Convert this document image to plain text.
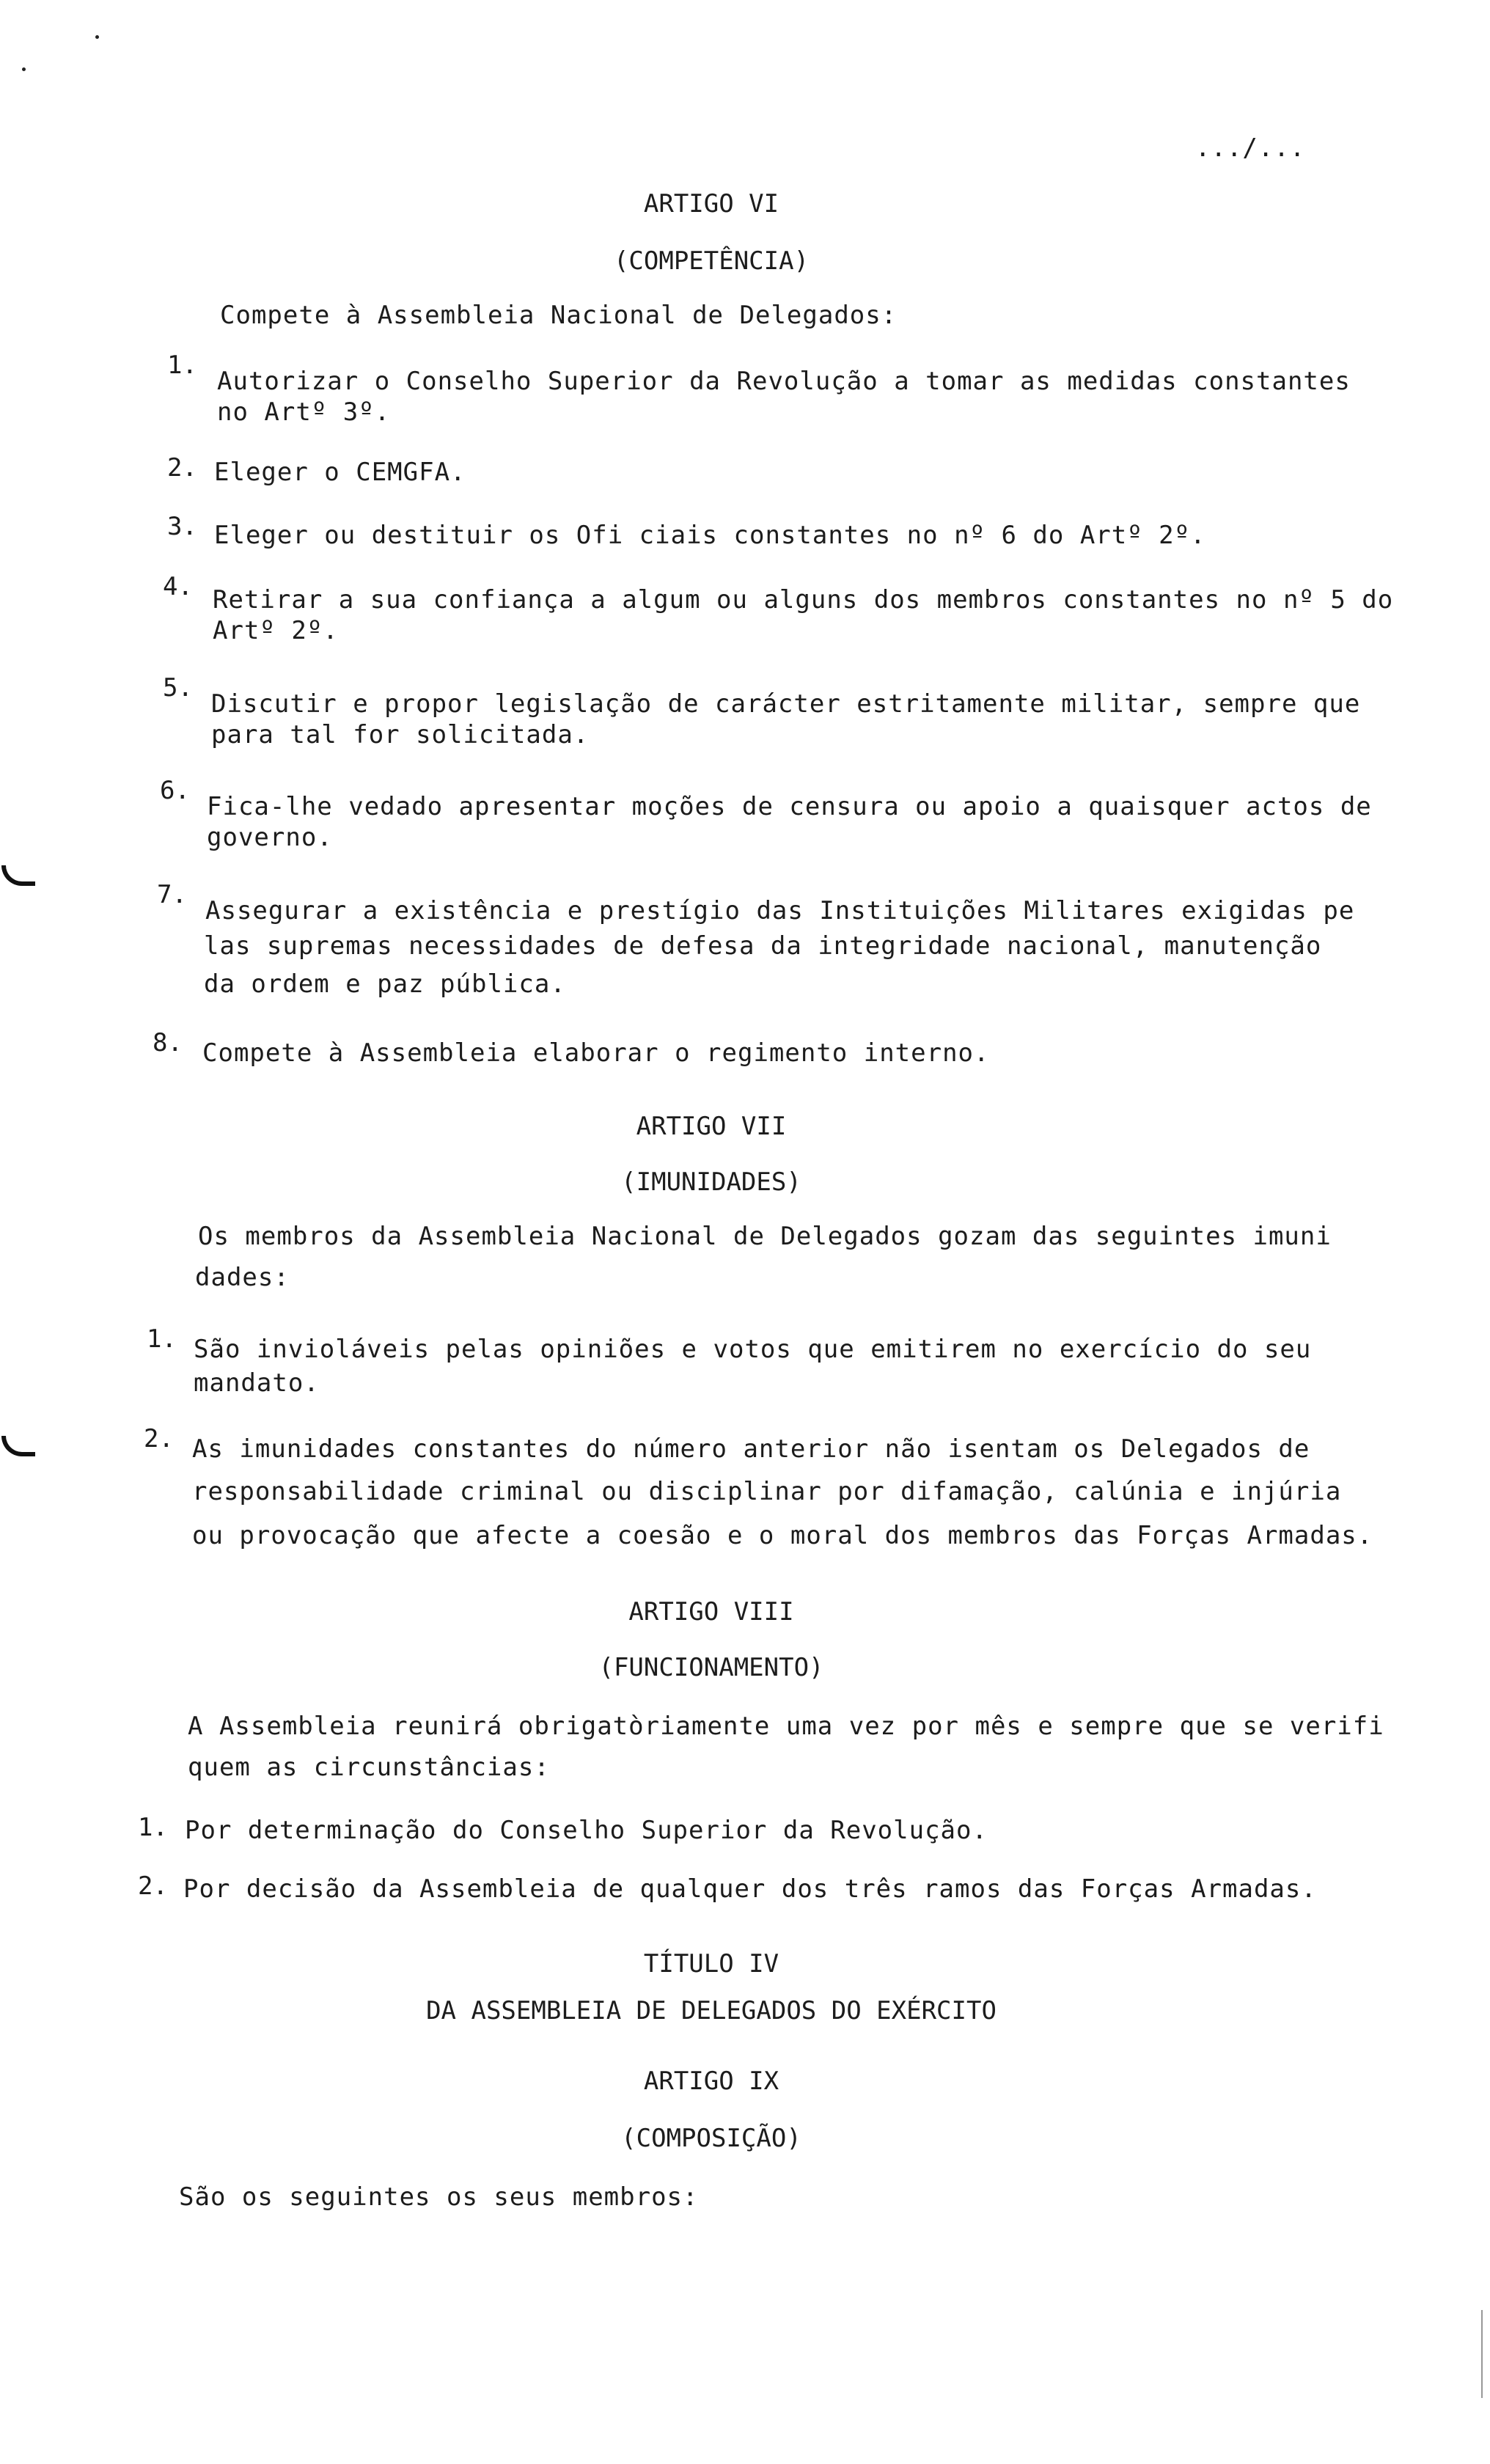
.../...
ARTIGO VI
(COMPETÊNCIA)
Compete à Assembleia Nacional de Delegados:
1.
Autorizar o Conselho Superior da Revolução a tomar as medidas constantes
no Artº 3º.
2. Eleger o CEMGFA.
3. Eleger ou destituir os Ofi ciais constantes no nº 6 do Artº 2º.
4. Retirar a sua confiança a algum ou alguns dos membros constantes no nº 5 do
Artº 2º.
5.
Discutir e propor legislação de carácter estritamente militar, sempre que
para tal for solicitada.
6.
Fica-lhe vedado apresentar moções de censura ou apoio a quaisquer actos de
governo.
7.
Assegurar a existência e prestígio das Instituições Militares exigidas pe
las supremas necessidades de defesa da integridade nacional, manutenção
da ordem e paz pública.
8. Compete à Assembleia elaborar o regimento interno.
ARTIGO VII
(IMUNIDADES)
Os membros da Assembleia Nacional de Delegados gozam das seguintes imuni
dades:
1. São invioláveis pelas opiniões e votos que emitirem no exercício do seu
mandato.
2. As imunidades constantes do número anterior não isentam os Delegados de
responsabilidade criminal ou disciplinar por difamação, calúnia e injúria
ou provocação que afecte a coesão e o moral dos membros das Forças Armadas.
ARTIGO VIII
(FUNCIONAMENTO)
A Assembleia reunirá obrigatòriamente uma vez por mês e sempre que se verifi
quem as circunstâncias:
1. Por determinação do Conselho Superior da Revolução.
2. Por decisão da Assembleia de qualquer dos três ramos das Forças Armadas.
TÍTULO IV
DA ASSEMBLEIA DE DELEGADOS DO EXÉRCITO
ARTIGO IX
(COMPOSIÇÃO)
São os seguintes os seus membros:
